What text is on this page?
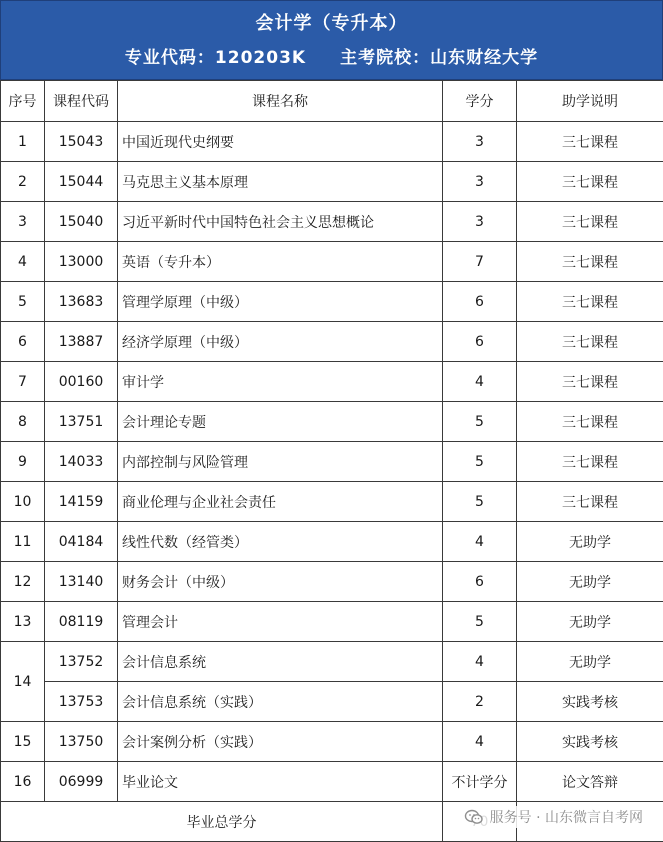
会计学（专升本）
专业代码：120203K 主考院校：山东财经大学
序号	课程代码	课程名称	学分	助学说明
1	15043	中国近现代史纲要	3	三七课程
2	15044	马克思主义基本原理	3	三七课程
3	15040	习近平新时代中国特色社会主义思想概论	3	三七课程
4	13000	英语（专升本）	7	三七课程
5	13683	管理学原理（中级）	6	三七课程
6	13887	经济学原理（中级）	6	三七课程
7	00160	审计学	4	三七课程
8	13751	会计理论专题	5	三七课程
9	14033	内部控制与风险管理	5	三七课程
10	14159	商业伦理与企业社会责任	5	三七课程
11	04184	线性代数（经管类）	4	无助学
12	13140	财务会计（中级）	6	无助学
13	08119	管理会计	5	无助学
14	13752	会计信息系统	4	无助学
	13753	会计信息系统（实践）	2	实践考核
15	13750	会计案例分析（实践）	4	实践考核
16	06999	毕业论文	不计学分	论文答辩
毕业总学分			服务号 · 山东微言自考网
